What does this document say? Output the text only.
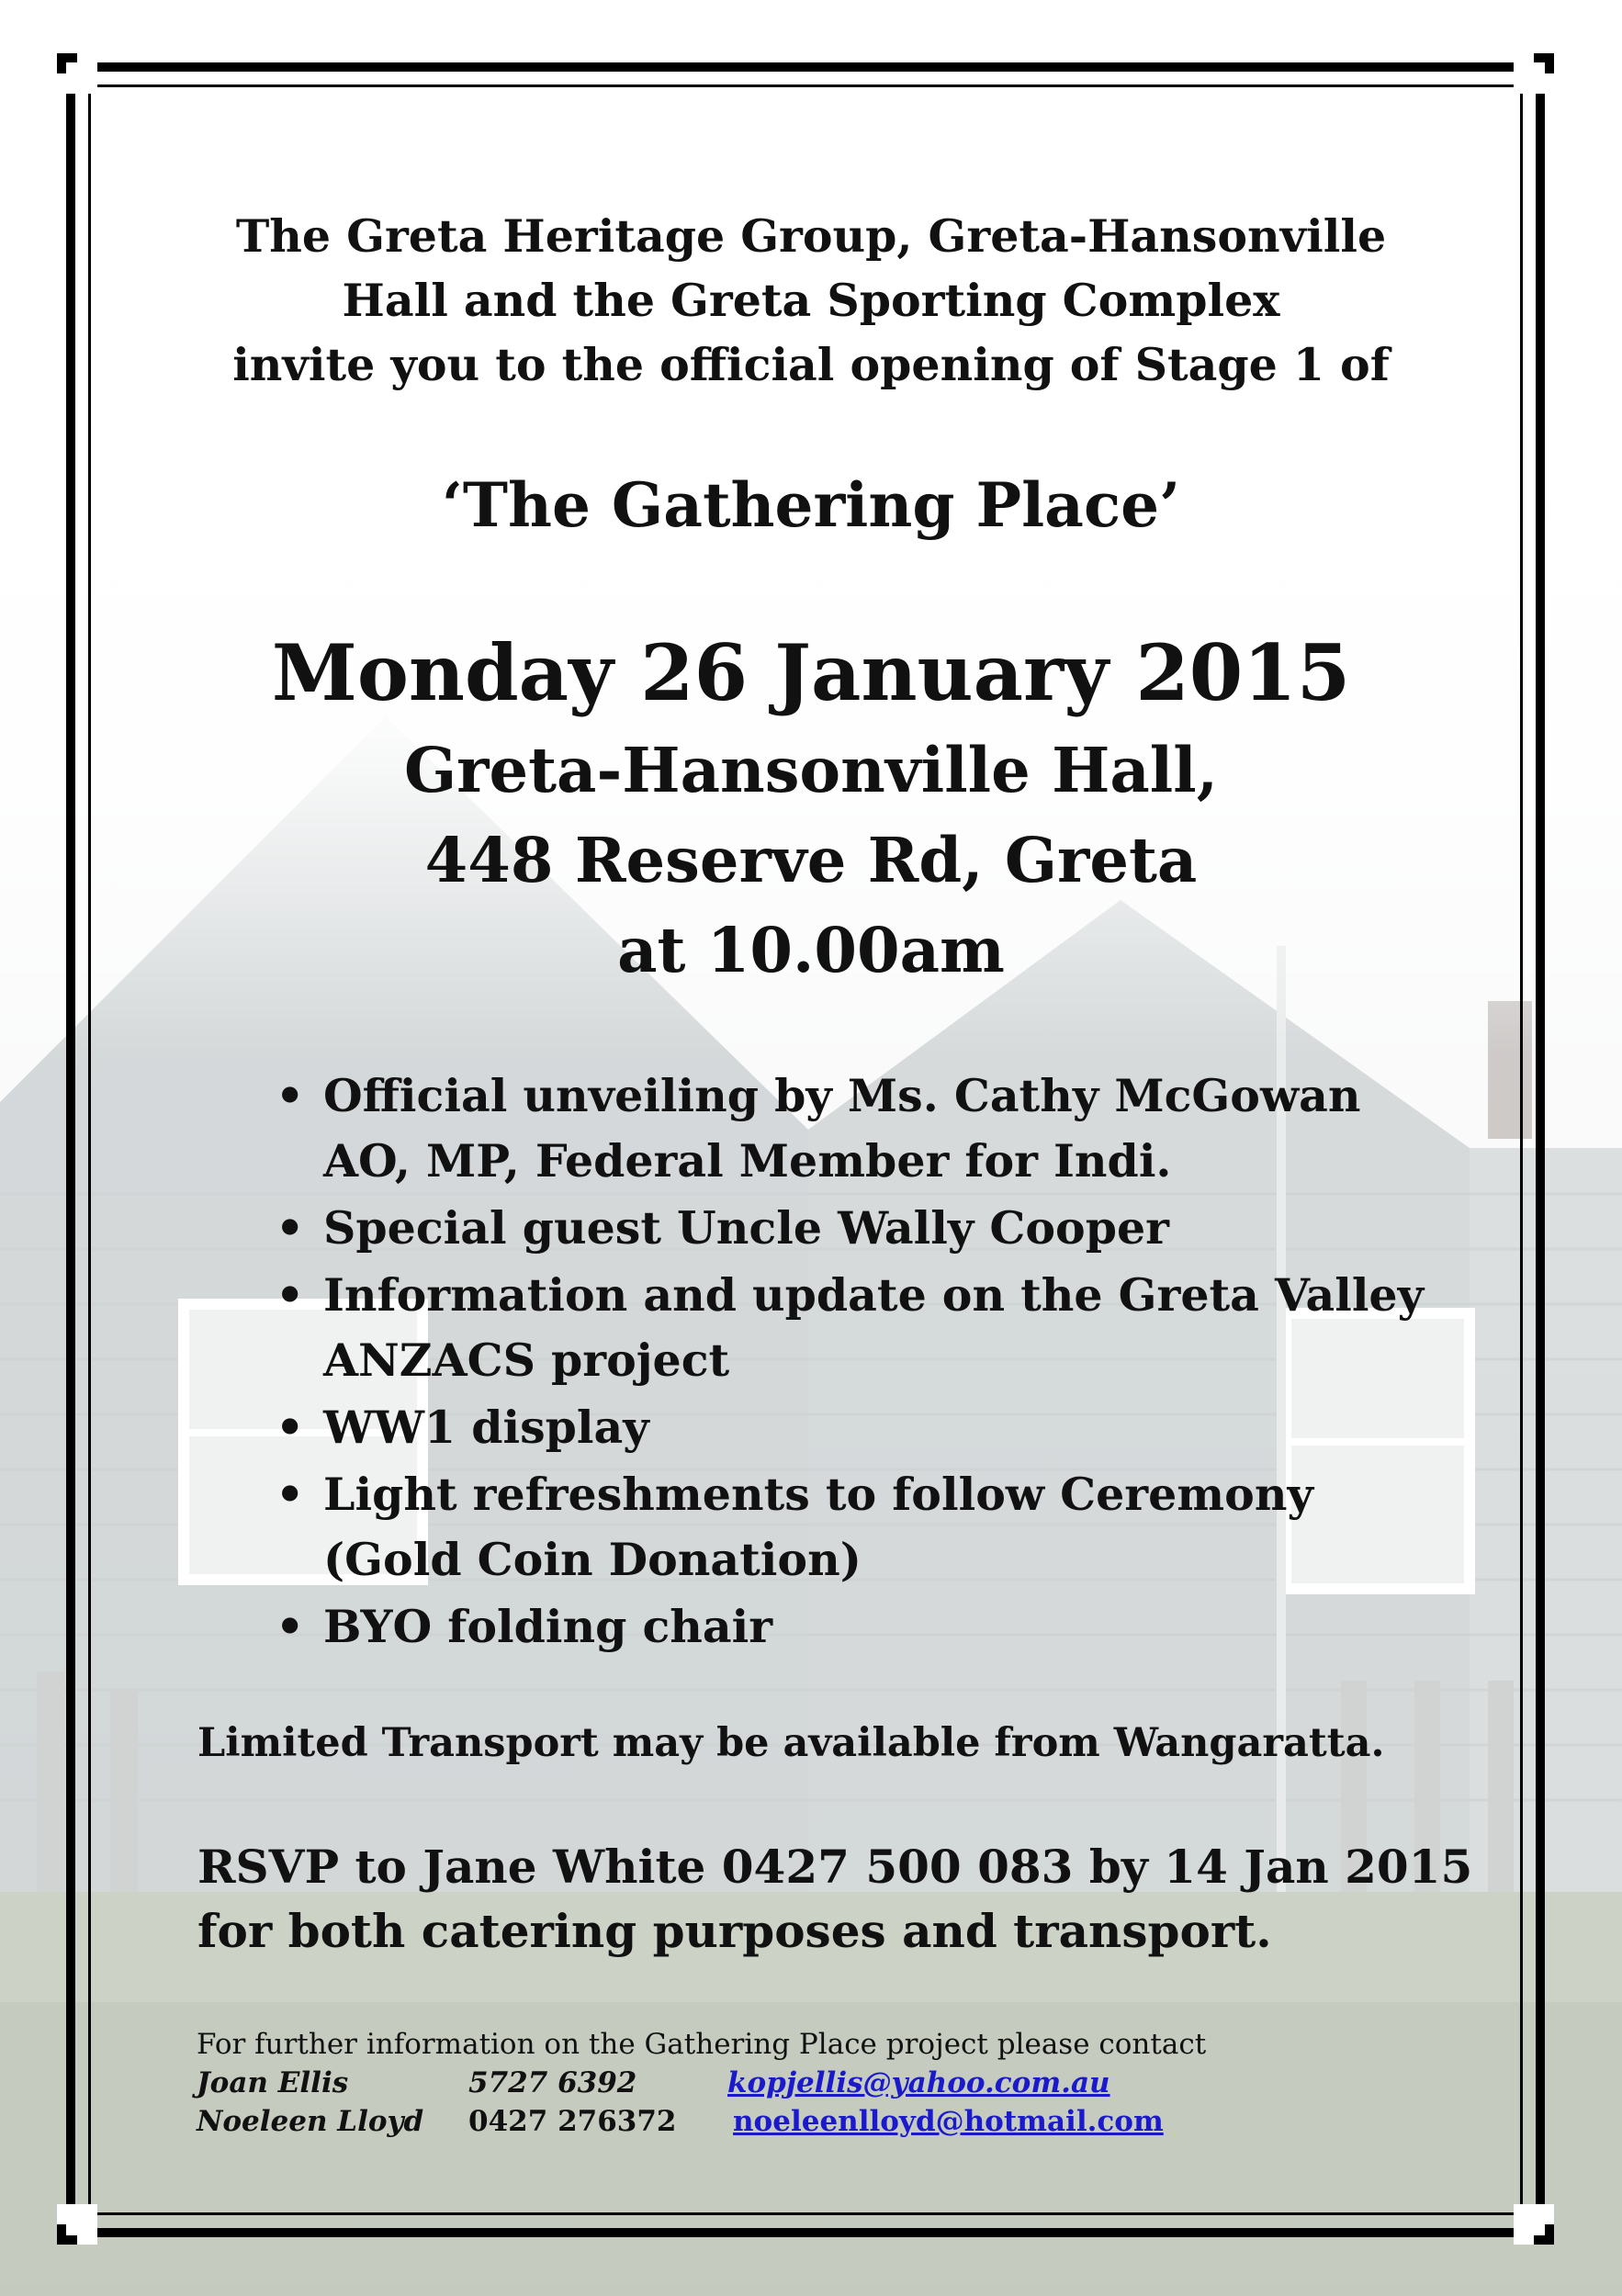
The Greta Heritage Group, Greta-Hansonville
Hall and the Greta Sporting Complex
invite you to the official opening of Stage 1 of
‘The Gathering Place’
Monday 26 January 2015
Greta-Hansonville Hall,
448 Reserve Rd, Greta
at 10.00am
• Official unveiling by Ms. Cathy McGowan
AO, MP, Federal Member for Indi.
• Special guest Uncle Wally Cooper
• Information and update on the Greta Valley
ANZACS project
• WW1 display
• Light refreshments to follow Ceremony
(Gold Coin Donation)
• BYO folding chair
Limited Transport may be available from Wangaratta.
RSVP to Jane White 0427 500 083 by 14 Jan 2015
for both catering purposes and transport.
For further information on the Gathering Place project please contact
Joan Ellis	5727 6392	kopjellis@yahoo.com.au
Noeleen Lloyd 0427 276372 noeleenlloyd@hotmail.com
